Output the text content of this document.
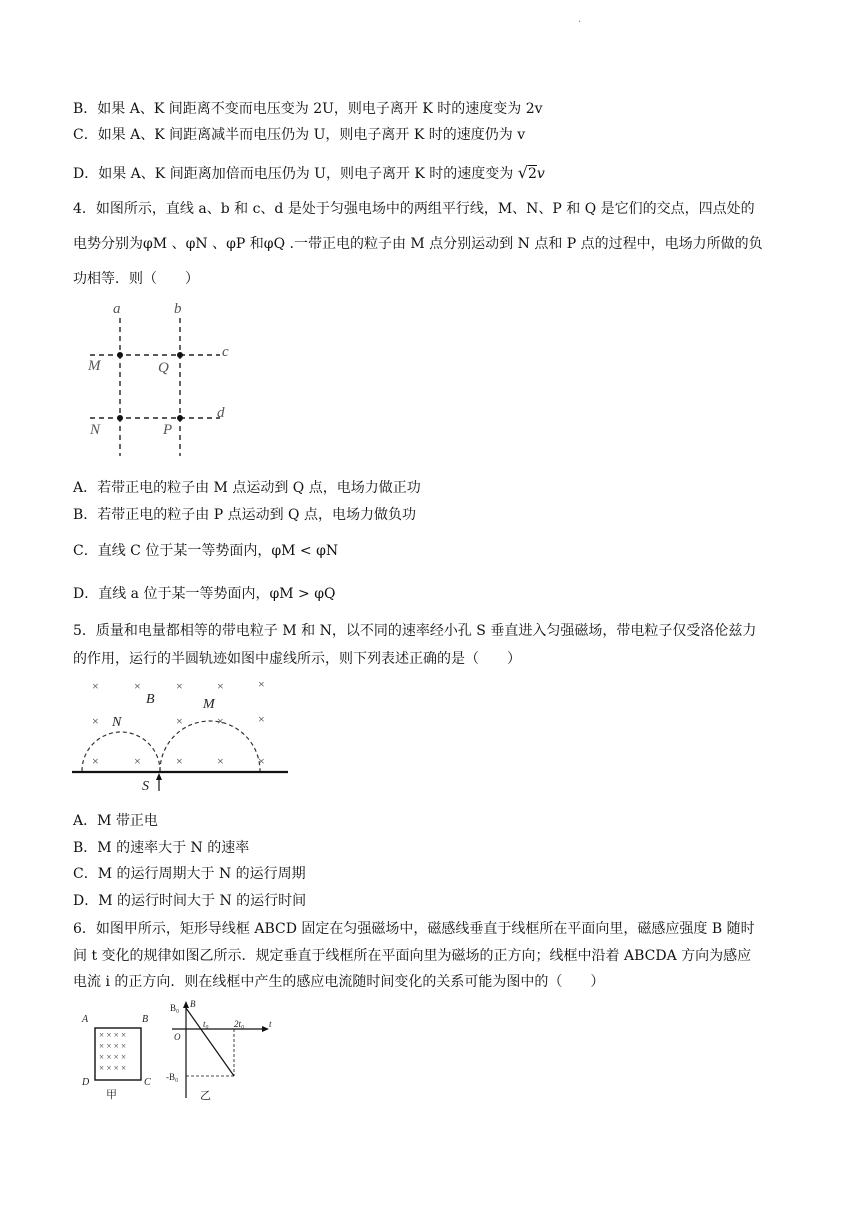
.
B．如果 A、K 间距离不变而电压变为 2U，则电子离开 K 时的速度变为 2v
C．如果 A、K 间距离减半而电压仍为 U，则电子离开 K 时的速度仍为 v
D．如果 A、K 间距离加倍而电压仍为 U，则电子离开 K 时的速度变为 √2v
4．如图所示，直线 a、b 和 c、d 是处于匀强电场中的两组平行线，M、N、P 和 Q 是它们的交点，四点处的
电势分别为φM 、φN 、φP 和φQ .一带正电的粒子由 M 点分别运动到 N 点和 P 点的过程中，电场力所做的负
功相等．则（　　）
a	b
c
d
M	Q
N	P
A．若带正电的粒子由 M 点运动到 Q 点，电场力做正功
B．若带正电的粒子由 P 点运动到 Q 点，电场力做负功
C．直线 C 位于某一等势面内，φM < φN
D．直线 a 位于某一等势面内，φM > φQ
5．质量和电量都相等的带电粒子 M 和 N，以不同的速率经小孔 S 垂直进入匀强磁场，带电粒子仅受洛伦兹力
的作用，运行的半圆轨迹如图中虚线所示，则下列表述正确的是（　　）
×	×	×	×	×
×	×	×	×
×	×	×	×	×
B	M
N
S
A．M 带正电
B．M 的速率大于 N 的速率
C．M 的运行周期大于 N 的运行周期
D．M 的运行时间大于 N 的运行时间
6．如图甲所示，矩形导线框 ABCD 固定在匀强磁场中，磁感线垂直于线框所在平面向里，磁感应强度 B 随时
间 t 变化的规律如图乙所示．规定垂直于线框所在平面向里为磁场的正方向；线框中沿着 ABCDA 方向为感应
电流 i 的正方向．则在线框中产生的感应电流随时间变化的关系可能为图中的（　　）
× × × ×
× × × ×
× × × ×
× × × ×
A	B
C
D
甲
B
B₀
-B₀
O
t₀	2t₀	t
乙
